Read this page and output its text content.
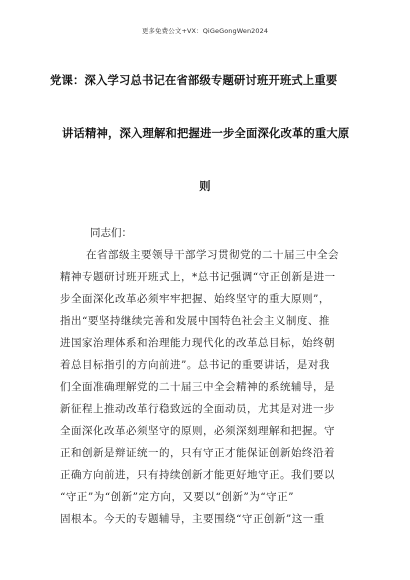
更多免费公文+VX：QiGeGongWen2024
党课：深入学习总书记在省部级专题研讨班开班式上重要
讲话精神，深入理解和把握进一步全面深化改革的重大原
则
同志们：
在省部级主要领导干部学习贯彻党的二十届三中全会
精神专题研讨班开班式上，*总书记强调“守正创新是进一
步全面深化改革必须牢牢把握、始终坚守的重大原则”，
指出“要坚持继续完善和发展中国特色社会主义制度、推
进国家治理体系和治理能力现代化的改革总目标，始终朝
着总目标指引的方向前进”。总书记的重要讲话，是对我
们全面准确理解党的二十届三中全会精神的系统辅导，是
新征程上推动改革行稳致远的全面动员，尤其是对进一步
全面深化改革必须坚守的原则，必须深刻理解和把握。守
正和创新是辩证统一的，只有守正才能保证创新始终沿着
正确方向前进，只有持续创新才能更好地守正。我们要以
“守正”为“创新”定方向，又要以“创新”为“守正”
固根本。今天的专题辅导，主要围绕“守正创新”这一重
